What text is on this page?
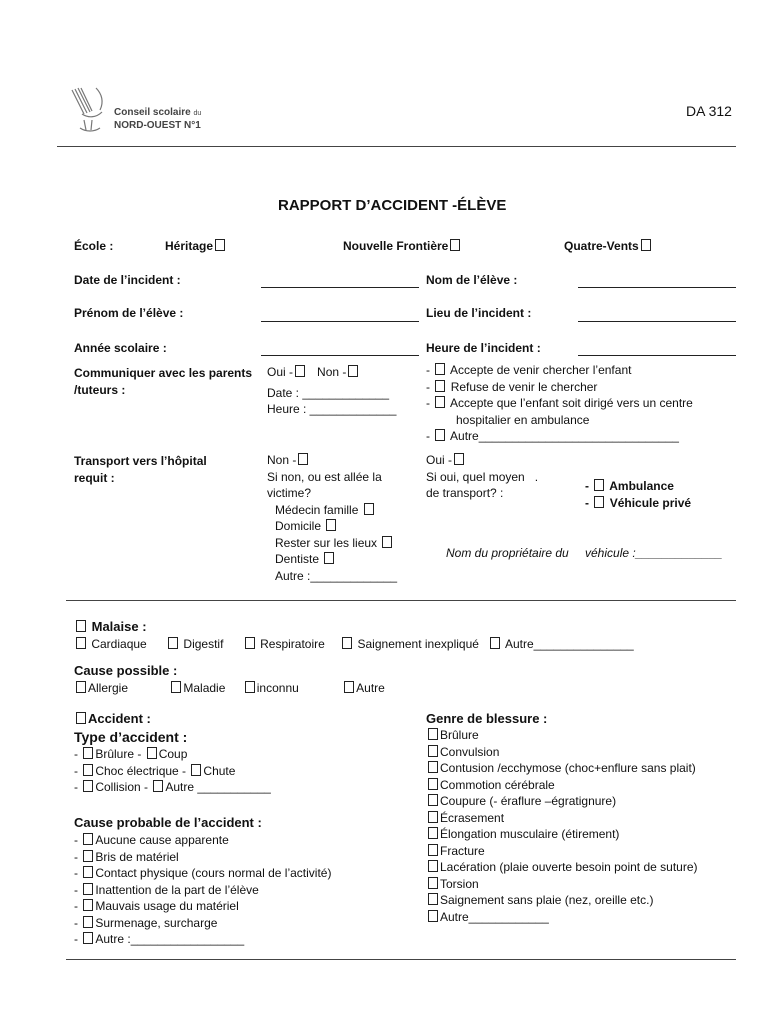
Conseil scolaire du
NORD-OUEST N°1
DA 312
RAPPORT D’ACCIDENT -ÉLÈVE
École :	Héritage	Nouvelle Frontière	Quatre-Vents
Date de l’incident :	Nom de l’élève :
Prénom de l’élève :	Lieu de l’incident :
Année scolaire :	Heure de l’incident :
Communiquer avec les parents
/tuteurs :
Oui - Non -
Date : _____________
Heure : _____________
-  Accepte de venir chercher l’enfant
-  Refuse de venir le chercher
-  Accepte que l’enfant soit dirigé vers un centre
hospitalier en ambulance
-  Autre______________________________
Transport vers l’hôpital
requit :
Non -
Si non, ou est allée la
victime?
Médecin famille
Domicile
Rester sur les lieux
Dentiste
Autre :_____________
Oui -
Si oui, quel moyen .
de transport? :	-  Ambulance
-  Véhicule privé
Nom du propriétaire du véhicule :_____________
Malaise :
Cardiaque	Digestif	Respiratoire	Saignement inexpliqué Autre_______________
Cause possible :
Allergie	Maladie	inconnu	Autre
Accident :
Type d’accident :
- Brûlure - Coup
- Choc électrique - Chute
- Collision - Autre ___________
Cause probable de l’accident :
- Aucune cause apparente
- Bris de matériel
- Contact physique (cours normal de l’activité)
- Inattention de la part de l’élève
- Mauvais usage du matériel
- Surmenage, surcharge
- Autre :_________________
Genre de blessure :
Brûlure
Convulsion
Contusion /ecchymose (choc+enflure sans plait)
Commotion cérébrale
Coupure (- éraflure –égratignure)
Écrasement
Élongation musculaire (étirement)
Fracture
Lacération (plaie ouverte besoin point de suture)
Torsion
Saignement sans plaie (nez, oreille etc.)
Autre____________
